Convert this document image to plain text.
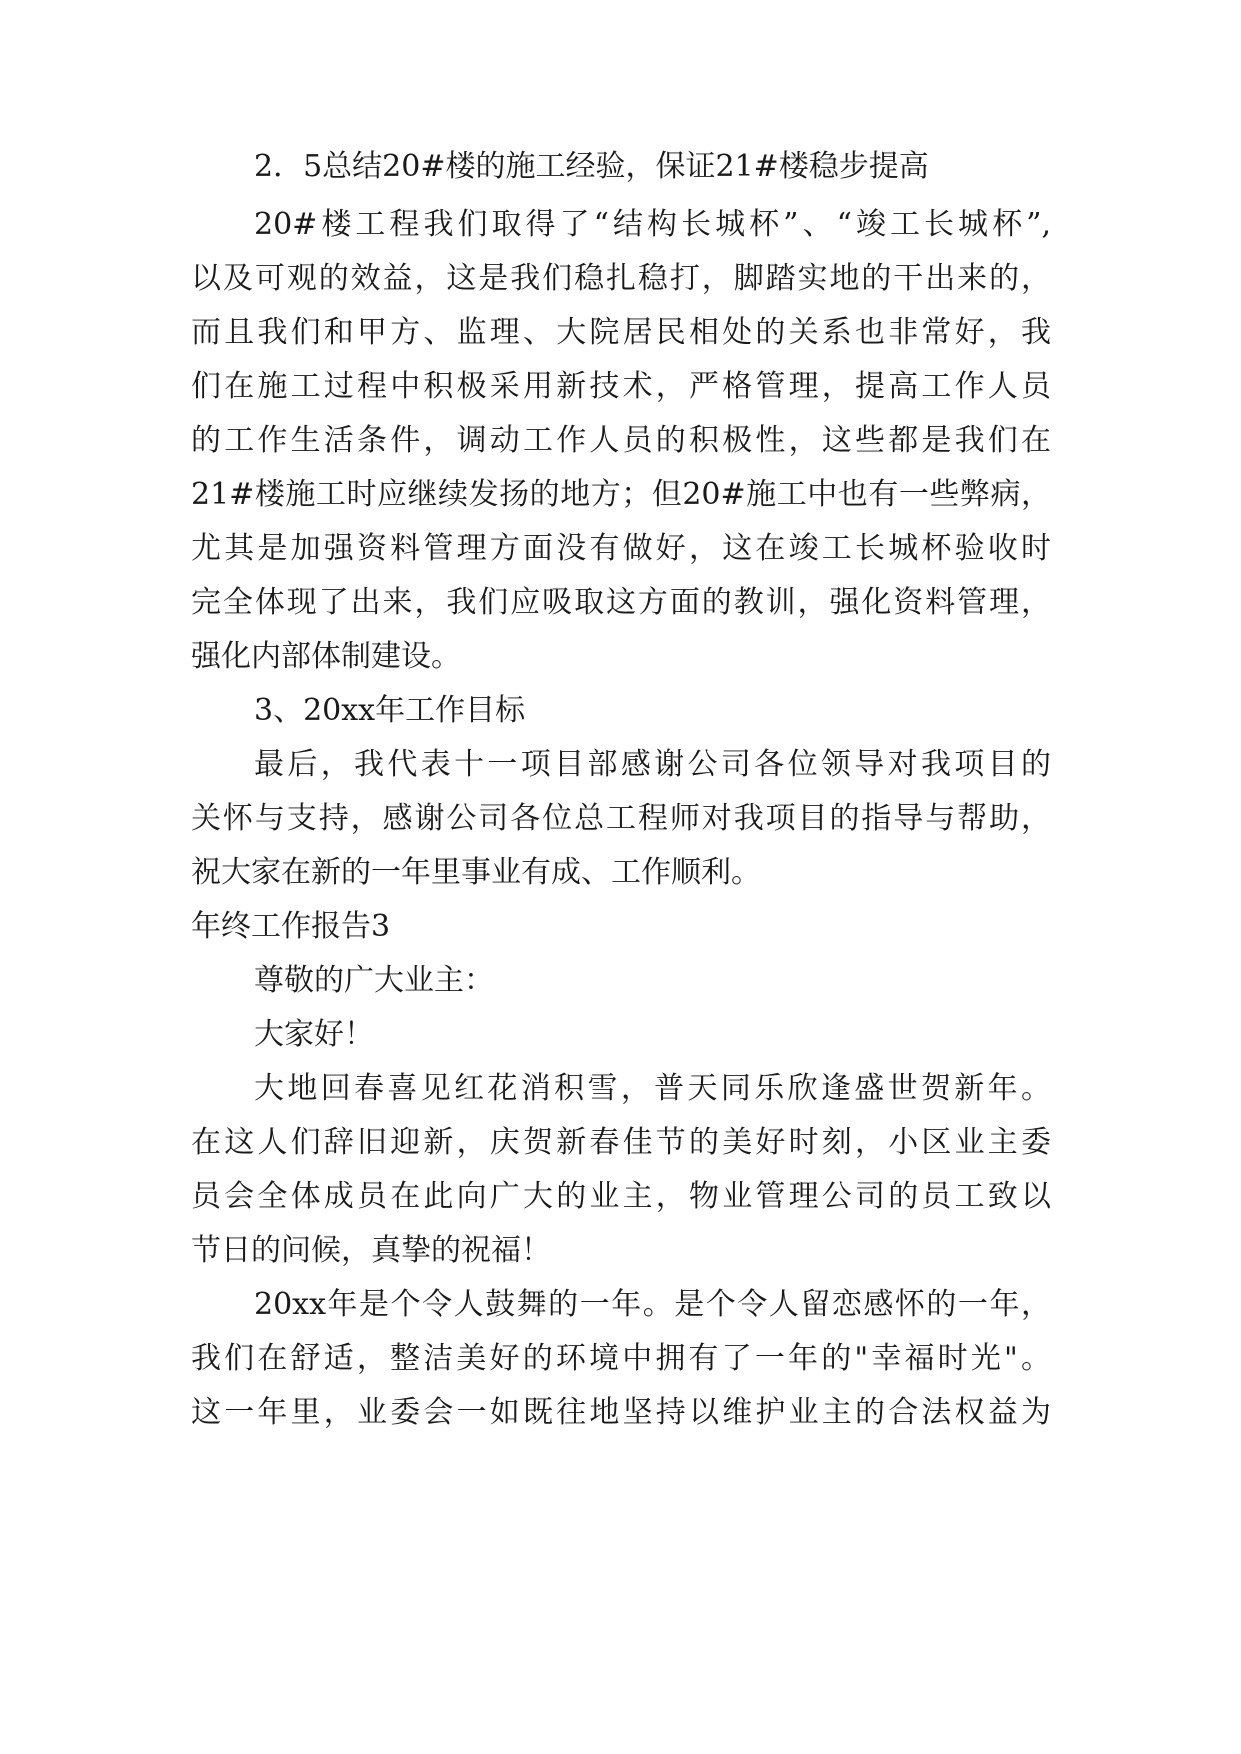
2．5总结20#楼的施工经验，保证21#楼稳步提高
20#楼工程我们取得了“结构长城杯”、“竣工长城杯”,
以及可观的效益，这是我们稳扎稳打，脚踏实地的干出来的，
而且我们和甲方、监理、大院居民相处的关系也非常好，我
们在施工过程中积极采用新技术，严格管理，提高工作人员
的工作生活条件，调动工作人员的积极性，这些都是我们在
21#楼施工时应继续发扬的地方；但20#施工中也有一些弊病，
尤其是加强资料管理方面没有做好，这在竣工长城杯验收时
完全体现了出来，我们应吸取这方面的教训，强化资料管理，
强化内部体制建设。
3、20xx年工作目标
最后，我代表十一项目部感谢公司各位领导对我项目的
关怀与支持，感谢公司各位总工程师对我项目的指导与帮助，
祝大家在新的一年里事业有成、工作顺利。
年终工作报告3
尊敬的广大业主：
大家好！
大地回春喜见红花消积雪，普天同乐欣逢盛世贺新年。
在这人们辞旧迎新，庆贺新春佳节的美好时刻，小区业主委
员会全体成员在此向广大的业主，物业管理公司的员工致以
节日的问候，真挚的祝福！
20xx年是个令人鼓舞的一年。是个令人留恋感怀的一年，
我们在舒适，整洁美好的环境中拥有了一年的"幸福时光"。
这一年里，业委会一如既往地坚持以维护业主的合法权益为
